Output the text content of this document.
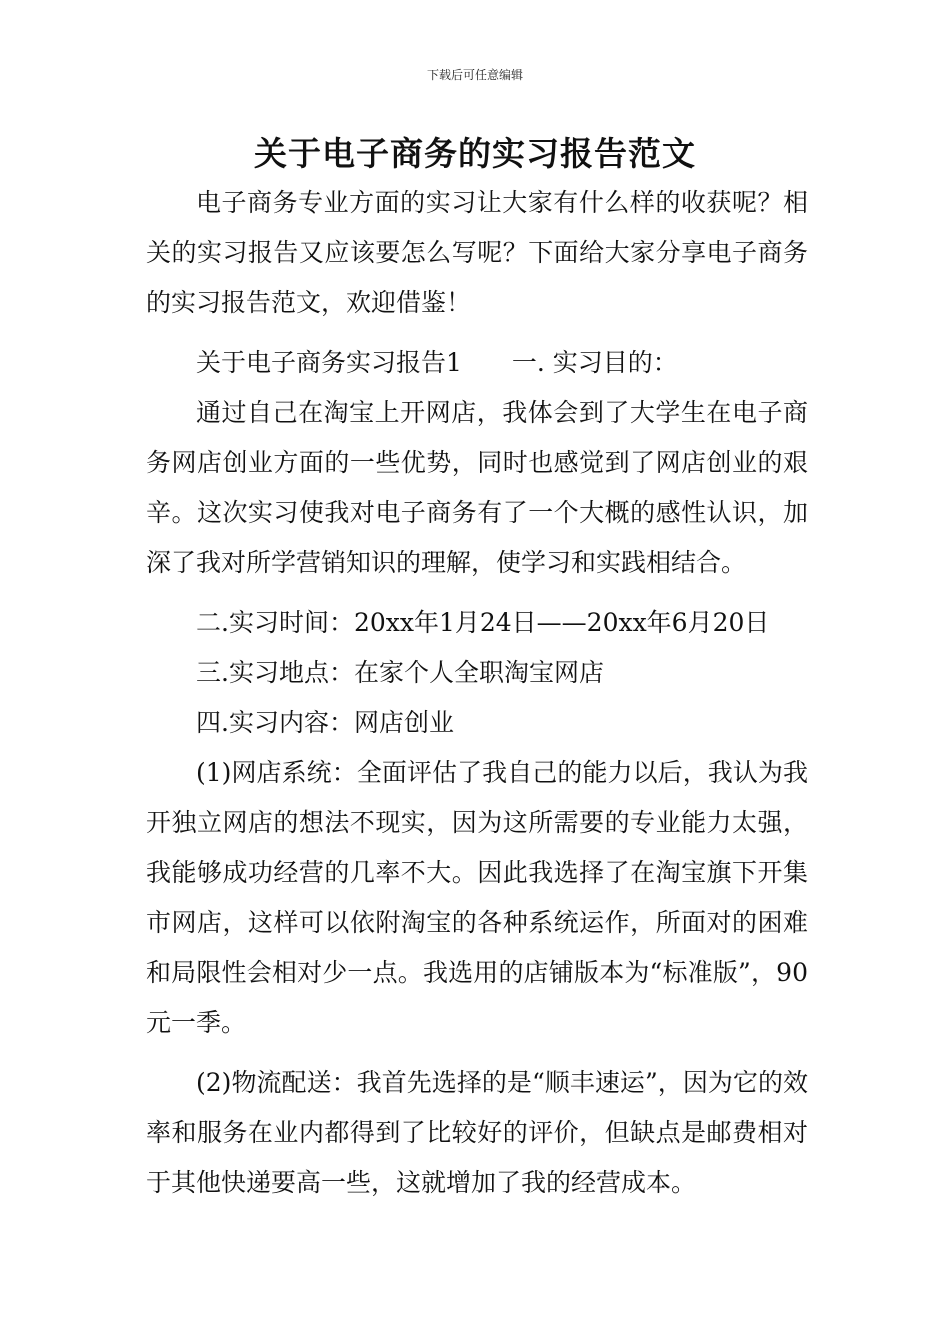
下载后可任意编辑
关于电子商务的实习报告范文

电子商务专业方面的实习让大家有什么样的收获呢？相关的实习报告又应该要怎么写呢？下面给大家分享电子商务的实习报告范文，欢迎借鉴！

关于电子商务实习报告1　　一. 实习目的：

通过自己在淘宝上开网店，我体会到了大学生在电子商务网店创业方面的一些优势，同时也感觉到了网店创业的艰辛。这次实习使我对电子商务有了一个大概的感性认识，加深了我对所学营销知识的理解，使学习和实践相结合。

二.实习时间：20xx年1月24日——20xx年6月20日

三.实习地点：在家个人全职淘宝网店

四.实习内容：网店创业

(1)网店系统：全面评估了我自己的能力以后，我认为我开独立网店的想法不现实，因为这所需要的专业能力太强，我能够成功经营的几率不大。因此我选择了在淘宝旗下开集市网店，这样可以依附淘宝的各种系统运作，所面对的困难和局限性会相对少一点。我选用的店铺版本为“标准版”，90元一季。

(2)物流配送：我首先选择的是“顺丰速运”，因为它的效率和服务在业内都得到了比较好的评价，但缺点是邮费相对于其他快递要高一些，这就增加了我的经营成本。
